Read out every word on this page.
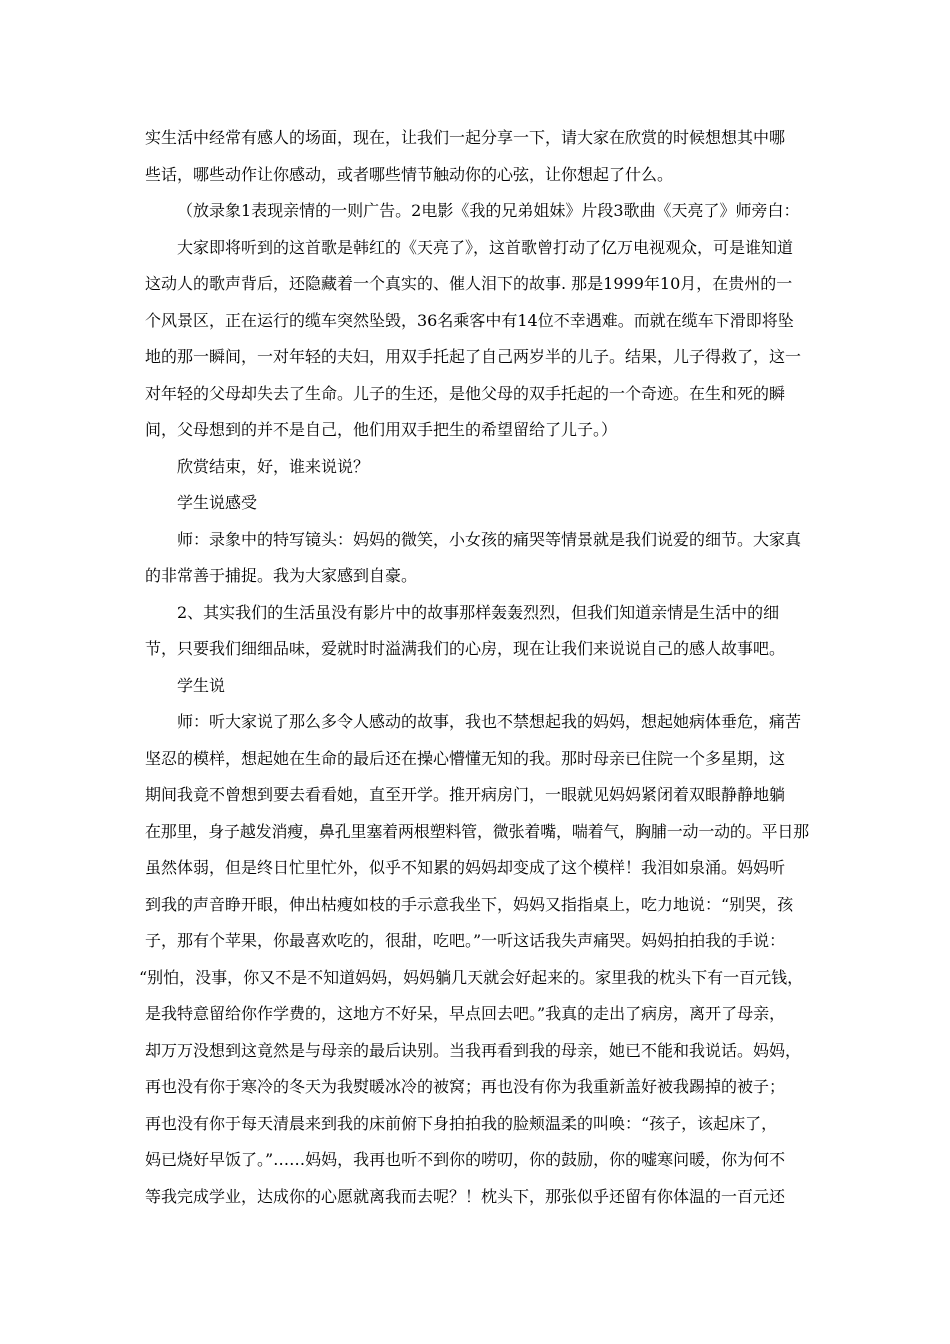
实生活中经常有感人的场面，现在，让我们一起分享一下，请大家在欣赏的时候想想其中哪
些话，哪些动作让你感动，或者哪些情节触动你的心弦，让你想起了什么。
（放录象1表现亲情的一则广告。2电影《我的兄弟姐妹》片段3歌曲《天亮了》师旁白：
大家即将听到的这首歌是韩红的《天亮了》，这首歌曾打动了亿万电视观众，可是谁知道
这动人的歌声背后，还隐藏着一个真实的、催人泪下的故事. 那是1999年10月，在贵州的一
个风景区，正在运行的缆车突然坠毁，36名乘客中有14位不幸遇难。而就在缆车下滑即将坠
地的那一瞬间，一对年轻的夫妇，用双手托起了自己两岁半的儿子。结果，儿子得救了，这一
对年轻的父母却失去了生命。儿子的生还，是他父母的双手托起的一个奇迹。在生和死的瞬
间，父母想到的并不是自己，他们用双手把生的希望留给了儿子。）
欣赏结束，好，谁来说说？
学生说感受
师：录象中的特写镜头：妈妈的微笑，小女孩的痛哭等情景就是我们说爱的细节。大家真
的非常善于捕捉。我为大家感到自豪。
2、其实我们的生活虽没有影片中的故事那样轰轰烈烈，但我们知道亲情是生活中的细
节，只要我们细细品味，爱就时时溢满我们的心房，现在让我们来说说自己的感人故事吧。
学生说
师：听大家说了那么多令人感动的故事，我也不禁想起我的妈妈，想起她病体垂危，痛苦
坚忍的模样，想起她在生命的最后还在操心懵懂无知的我。那时母亲已住院一个多星期，这
期间我竟不曾想到要去看看她，直至开学。推开病房门，一眼就见妈妈紧闭着双眼静静地躺
在那里，身子越发消瘦，鼻孔里塞着两根塑料管，微张着嘴，喘着气，胸脯一动一动的。平日那
虽然体弱，但是终日忙里忙外，似乎不知累的妈妈却变成了这个模样！我泪如泉涌。妈妈听
到我的声音睁开眼，伸出枯瘦如枝的手示意我坐下，妈妈又指指桌上，吃力地说：“别哭，孩
子，那有个苹果，你最喜欢吃的，很甜，吃吧。”一听这话我失声痛哭。妈妈拍拍我的手说：
“别怕，没事，你又不是不知道妈妈，妈妈躺几天就会好起来的。家里我的枕头下有一百元钱，
是我特意留给你作学费的，这地方不好呆，早点回去吧。”我真的走出了病房，离开了母亲，
却万万没想到这竟然是与母亲的最后诀别。当我再看到我的母亲，她已不能和我说话。妈妈，
再也没有你于寒冷的冬天为我熨暖冰冷的被窝；再也没有你为我重新盖好被我踢掉的被子；
再也没有你于每天清晨来到我的床前俯下身拍拍我的脸颊温柔的叫唤：“孩子，该起床了，
妈已烧好早饭了。”……妈妈，我再也听不到你的唠叨，你的鼓励，你的嘘寒问暖，你为何不
等我完成学业，达成你的心愿就离我而去呢？！枕头下，那张似乎还留有你体温的一百元还
